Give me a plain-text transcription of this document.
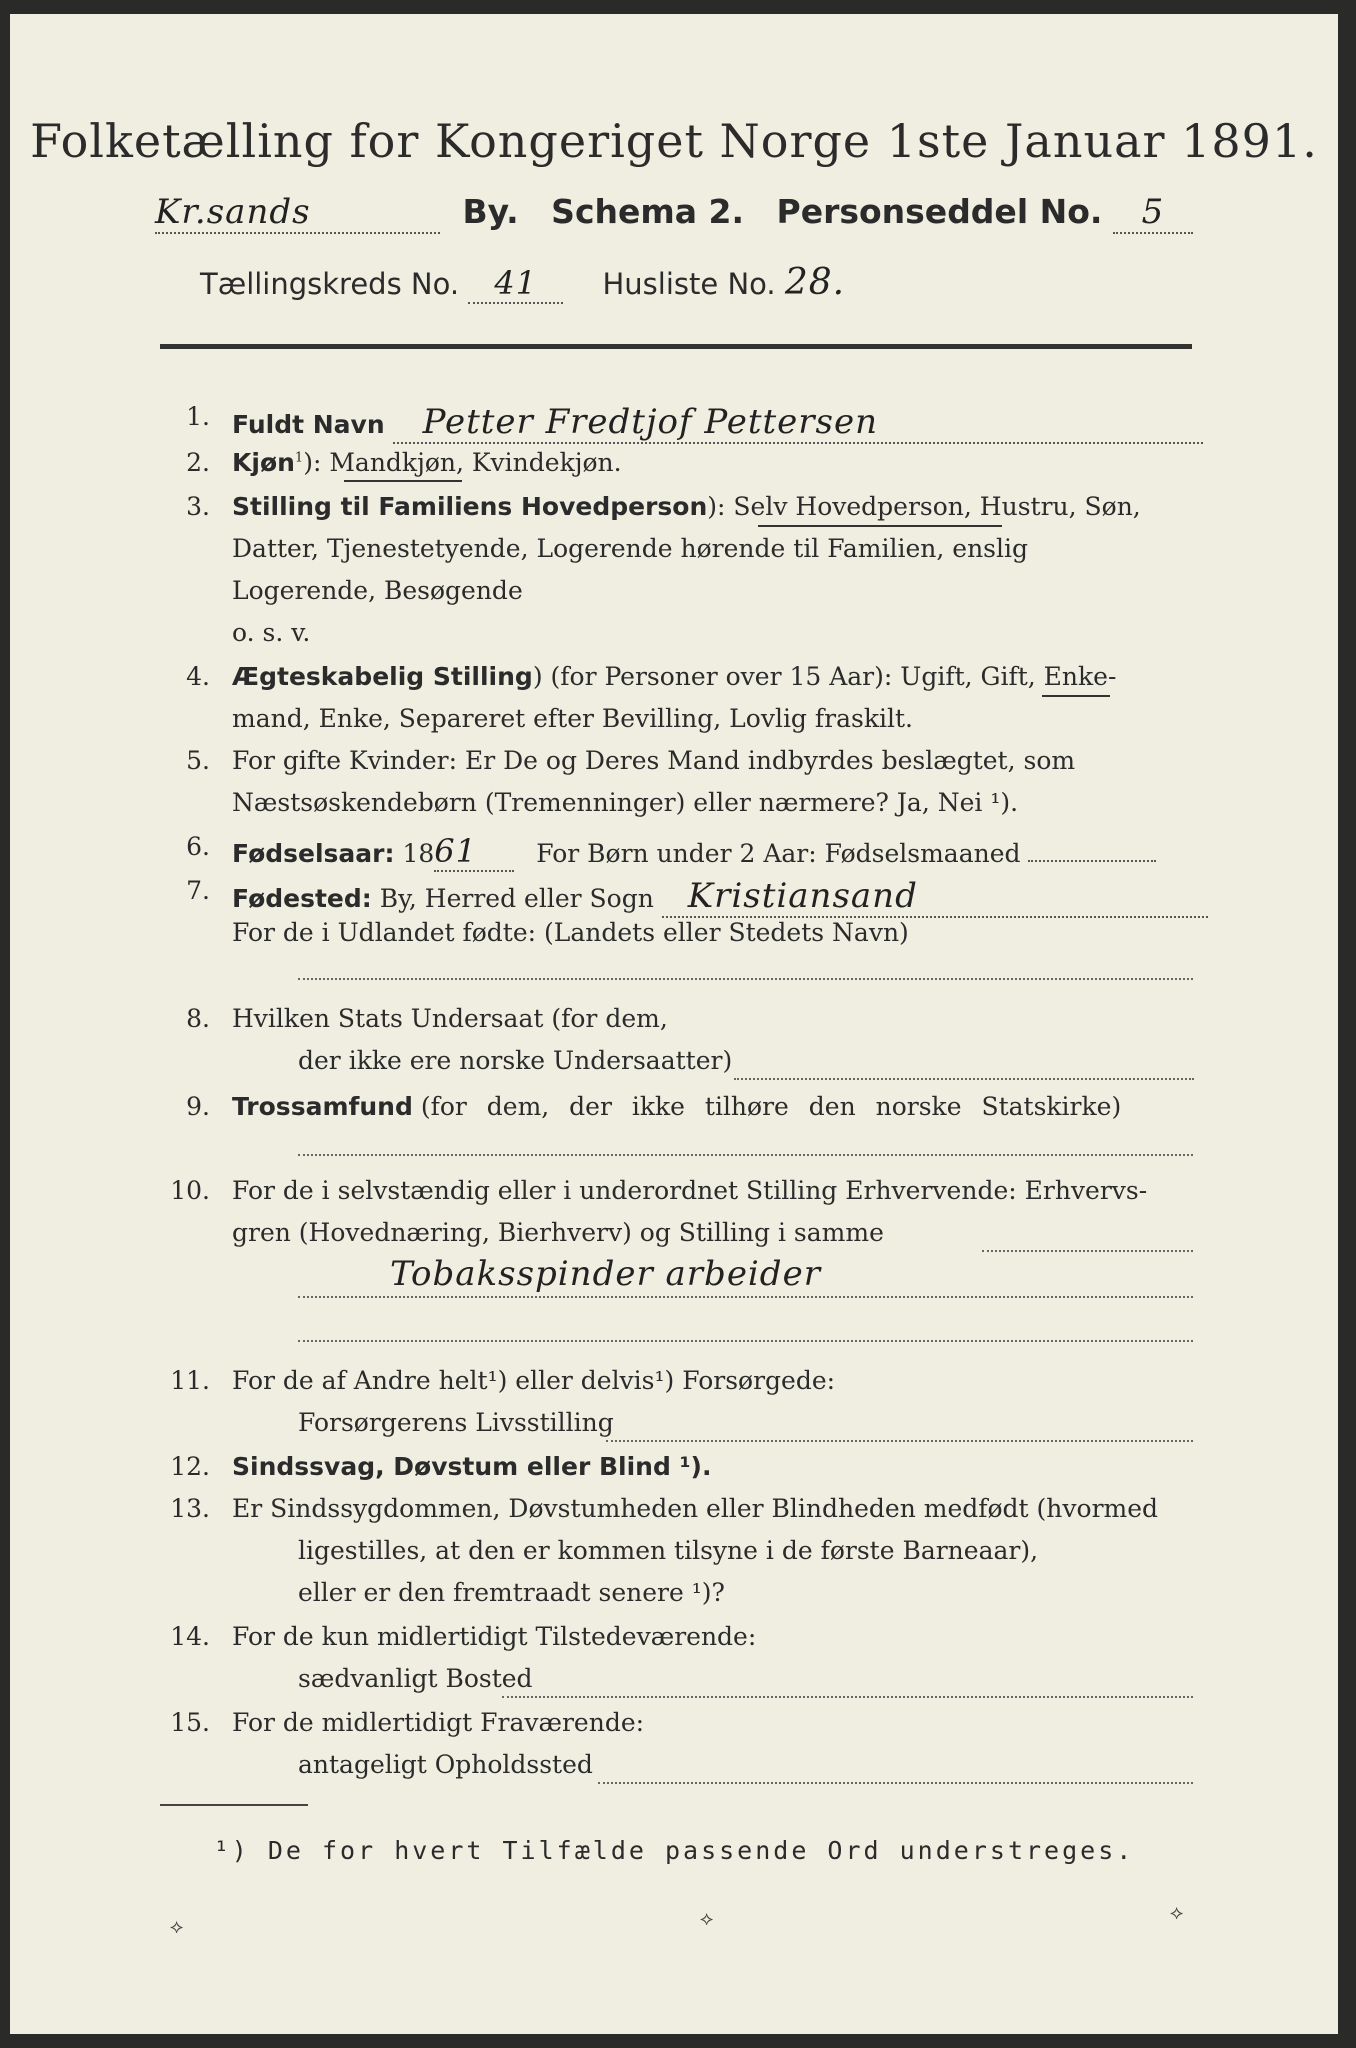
Folketælling for Kongeriget Norge 1ste Januar 1891.
Kr.sands	By. Schema 2. Personseddel No. 5
Tællingskreds No. 41 Husliste No. 28.
1. Fuldt Navn Petter Fredtjof Pettersen
2. Kjøn$^1$): Mandkjøn, Kvindekjøn.
3. Stilling til Familiens Hovedperson): Selv Hovedperson, Hustru, Søn,
Datter, Tjenestetyende, Logerende hørende til Familien, enslig
Logerende, Besøgende
o. s. v.
4. Ægteskabelig Stilling) (for Personer over 15 Aar): Ugift, Gift, Enke-
mand, Enke, Separeret efter Bevilling, Lovlig fraskilt.
5. For gifte Kvinder: Er De og Deres Mand indbyrdes beslægtet, som
Næstsøskendebørn (Tremenninger) eller nærmere? Ja, Nei ¹).
6. Fødselsaar: 1861 For Børn under 2 Aar: Fødselsmaaned
7. Fødested: By, Herred eller Sogn Kristiansand
For de i Udlandet fødte: (Landets eller Stedets Navn)
8. Hvilken Stats Undersaat (for dem,
der ikke ere norske Undersaatter)
9. Trossamfund (for dem, der ikke tilhøre den norske Statskirke)
10. For de i selvstændig eller i underordnet Stilling Erhvervende: Erhvervs-
gren (Hovednæring, Bierhverv) og Stilling i samme
Tobaksspinder arbeider
11. For de af Andre helt¹) eller delvis¹) Forsørgede:
Forsørgerens Livsstilling
12. Sindssvag, Døvstum eller Blind ¹).
13. Er Sindssygdommen, Døvstumheden eller Blindheden medfødt (hvormed
ligestilles, at den er kommen tilsyne i de første Barneaar),
eller er den fremtraadt senere ¹)?
14. For de kun midlertidigt Tilstedeværende:
sædvanligt Bosted
15. For de midlertidigt Fraværende:
antageligt Opholdssted
¹) De for hvert Tilfælde passende Ord understreges.
⟡	⟡	⟡
